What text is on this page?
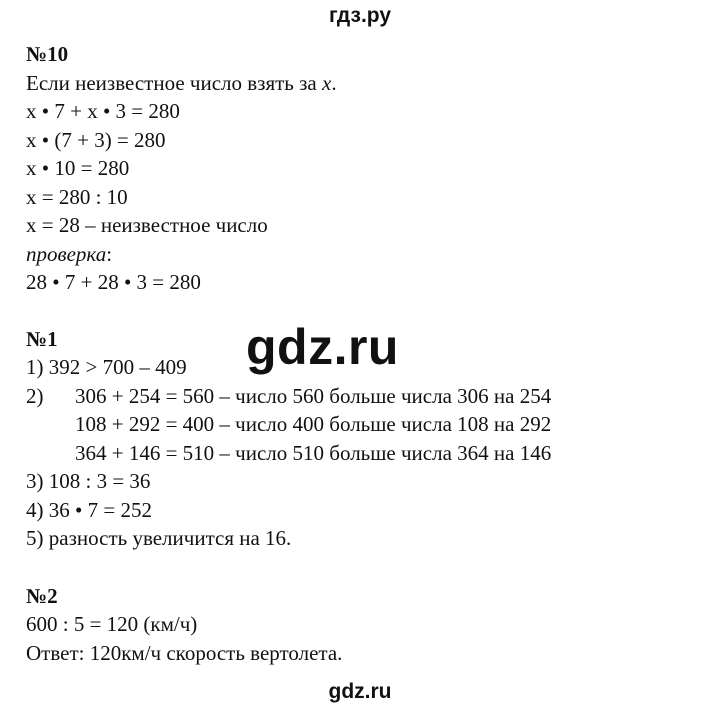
гдз.ру
№10
Если неизвестное число взять за x.
x • 7 + x • 3 = 280
x • (7 + 3) = 280
x • 10 = 280
x = 280 : 10
x = 28 – неизвестное число
проверка:
28 • 7 + 28 • 3 = 280
№1
1) 392 > 700 – 409
2)	306 + 254 = 560 – число 560 больше числа 306 на 254
108 + 292 = 400 – число 400 больше числа 108 на 292
364 + 146 = 510 – число 510 больше числа 364 на 146
3) 108 : 3 = 36
4) 36 • 7 = 252
5) разность увеличится на 16.
№2
600 : 5 = 120 (км/ч)
Ответ: 120км/ч скорость вертолета.
gdz.ru
gdz.ru
